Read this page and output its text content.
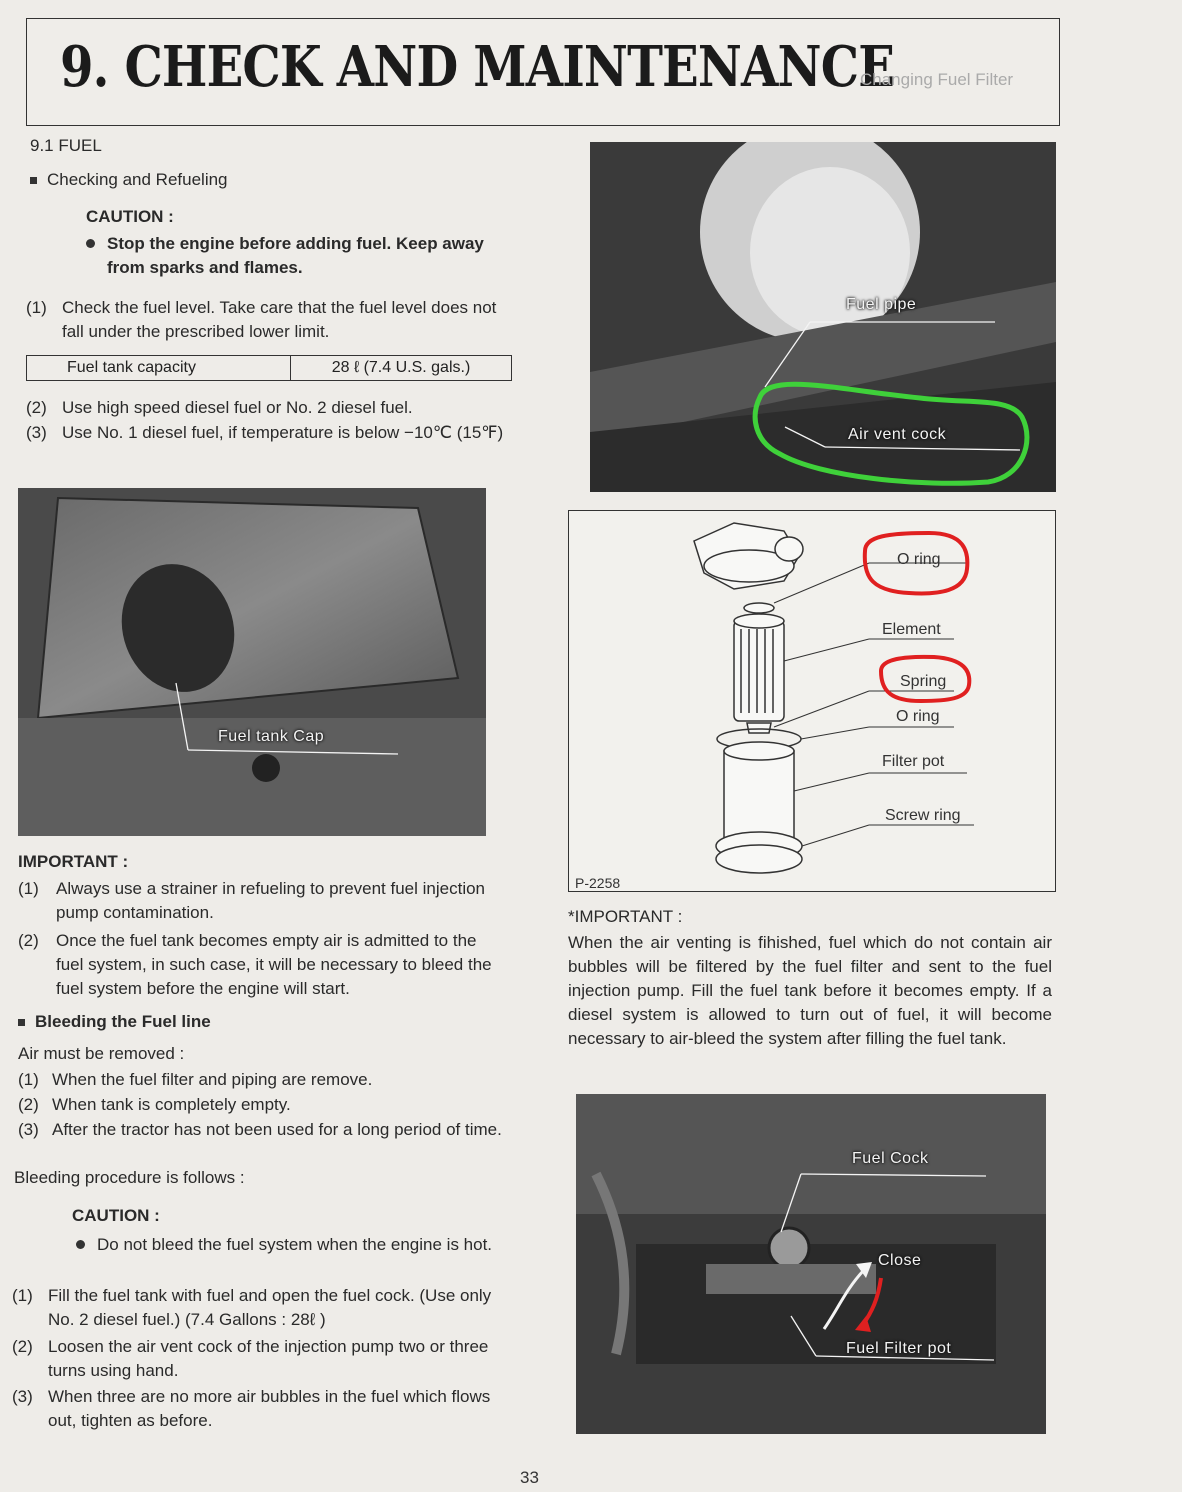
9. CHECK AND MAINTENANCE
Changing Fuel Filter
9.1 FUEL
Checking and Refueling
CAUTION :
Stop the engine before adding fuel. Keep away from sparks and flames.
(1) Check the fuel level. Take care that the fuel level does not fall under the prescribed lower limit.
Fuel tank capacity	28 ℓ (7.4 U.S. gals.)
(2) Use high speed diesel fuel or No. 2 diesel fuel.
(3) Use No. 1 diesel fuel, if temperature is below −10℃ (15℉)
Fuel tank Cap
IMPORTANT :
(1)	Always use a strainer in refueling to prevent fuel injection pump contamination.
(2)	Once the fuel tank becomes empty air is admitted to the fuel system, in such case, it will be necessary to bleed the fuel system before the engine will start.
Bleeding the Fuel line
Air must be removed :
(1) When the fuel filter and piping are remove.
(2) When tank is completely empty.
(3) After the tractor has not been used for a long period of time.
Bleeding procedure is follows :
CAUTION :
Do not bleed the fuel system when the engine is hot.
(1) Fill the fuel tank with fuel and open the fuel cock. (Use only No. 2 diesel fuel.) (7.4 Gallons : 28ℓ )
(2) Loosen the air vent cock of the injection pump two or three turns using hand.
(3) When three are no more air bubbles in the fuel which flows out, tighten as before.
Fuel pipe
Air vent cock
O ring
Element
Spring
O ring
Filter pot
Screw ring
P-2258
*IMPORTANT :
When the air venting is fihished, fuel which do not contain air bubbles will be filtered by the fuel filter and sent to the fuel injection pump. Fill the fuel tank before it becomes empty. If a diesel system is allowed to turn out of fuel, it will become necessary to air-bleed the system after filling the fuel tank.
Fuel Cock
Close
Fuel Filter pot
33
